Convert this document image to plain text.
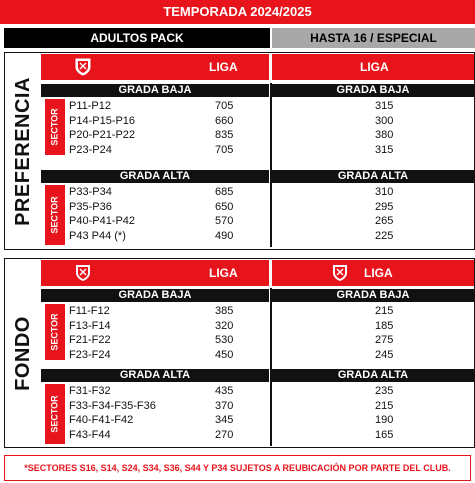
TEMPORADA 2024/2025
ADULTOS PACK	HASTA 16 / ESPECIAL
PREFERENCIA
LIGA	LIGA
GRADA BAJA	GRADA BAJA
SECTOR
P11-P12	705	315
P14-P15-P16	660	300
P20-P21-P22	835	380
P23-P24	705	315
GRADA ALTA	GRADA ALTA
SECTOR
P33-P34	685	310
P35-P36	650	295
P40-P41-P42	570	265
P43 P44 (*)	490	225
FONDO
LIGA	LIGA
GRADA BAJA	GRADA BAJA
SECTOR
F11-F12	385	215
F13-F14	320	185
F21-F22	530	275
F23-F24	450	245
GRADA ALTA	GRADA ALTA
SECTOR
F31-F32	435	235
F33-F34-F35-F36	370	215
F40-F41-F42	345	190
F43-F44	270	165
*SECTORES S16, S14, S24, S34, S36, S44 Y P34 SUJETOS A REUBICACIÓN POR PARTE DEL CLUB.
